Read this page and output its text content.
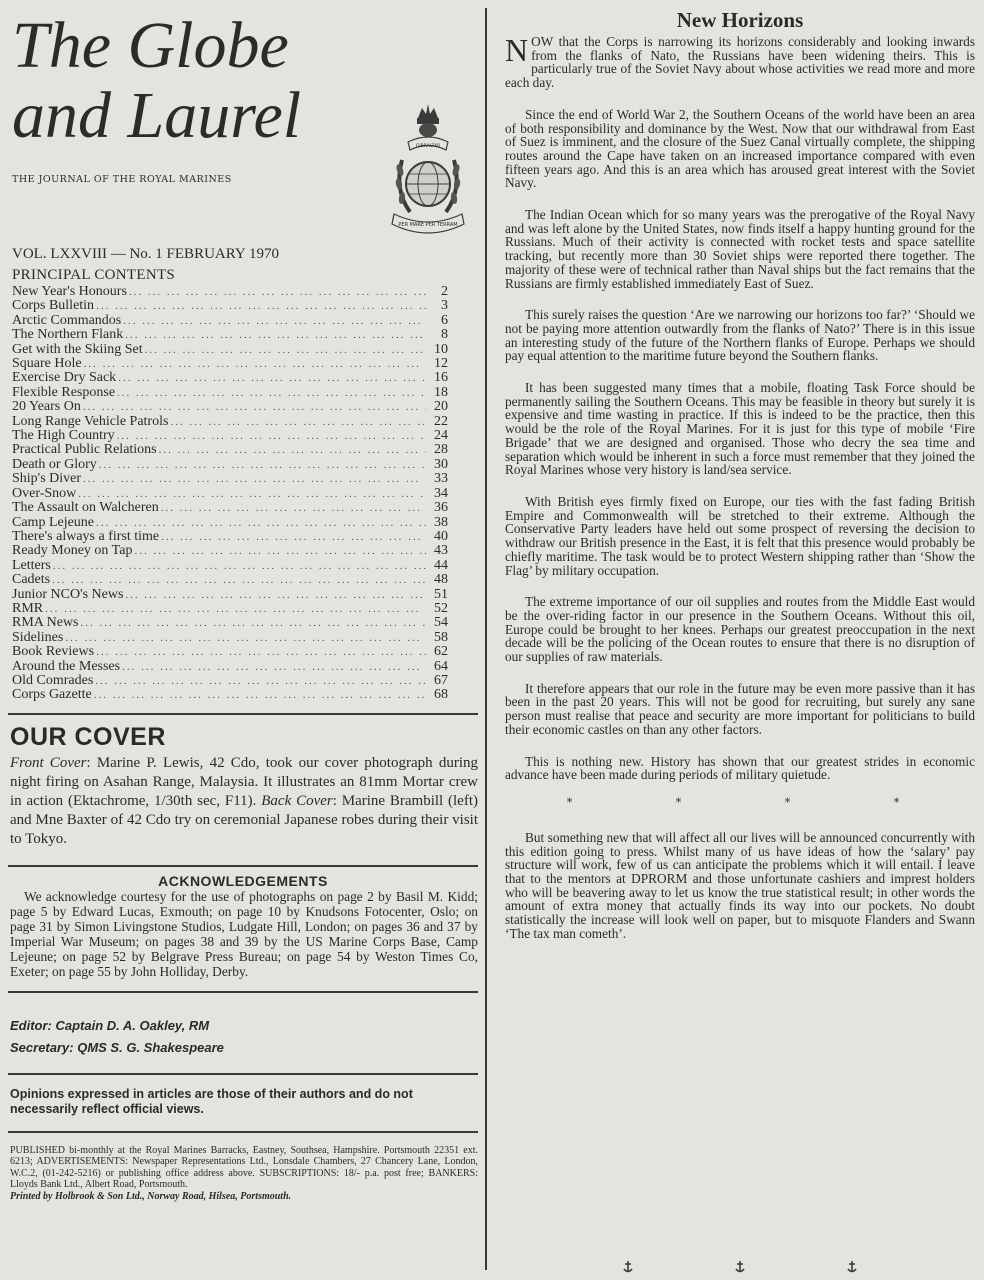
The Globe
and Laurel
THE JOURNAL OF THE ROYAL MARINES
GIBRALTAR
PER MARE PER TERRAM
VOL. LXXVIII — No. 1 FEBRUARY 1970
PRINCIPAL CONTENTS
New Year's Honours ... .	2
Corps Bulletin ... .	3
Arctic Commandos ... .	6
The Northern Flank ... .	8
Get with the Skiing Set ... .	10
Square Hole ... .	12
Exercise Dry Sack ... .	16
Flexible Response ... .	18
20 Years On ... .	20
Long Range Vehicle Patrols ... .	22
The High Country ... .	24
Practical Public Relations ... .	28
Death or Glory ... .	30
Ship's Diver ... .	33
Over-Snow ... .	34
The Assault on Walcheren ... .	36
Camp Lejeune ... .	38
There's always a first time ... .	40
Ready Money on Tap ... .	43
Letters ... .	44
Cadets ... .	48
Junior NCO's News ... .	51
RMR ... .	52
RMA News ... .	54
Sidelines ... .	58
Book Reviews ... .	62
Around the Messes ... .	64
Old Comrades ... .	67
Corps Gazette ... .	68
OUR COVER
Front Cover: Marine P. Lewis, 42 Cdo, took our cover photograph during night firing on Asahan Range, Malaysia. It illustrates an 81mm Mortar crew in action (Ektachrome, 1/30th sec, F11). Back Cover: Marine Brambill (left) and Mne Baxter of 42 Cdo try on ceremonial Japanese robes during their visit to Tokyo.
ACKNOWLEDGEMENTS
We acknowledge courtesy for the use of photographs on page 2 by Basil M. Kidd; page 5 by Edward Lucas, Exmouth; on page 10 by Knudsons Fotocenter, Oslo; on page 31 by Simon Livingstone Studios, Ludgate Hill, London; on pages 36 and 37 by Imperial War Museum; on pages 38 and 39 by the US Marine Corps Base, Camp Lejeune; on page 52 by Belgrave Press Bureau; on page 54 by Weston Times Co, Exeter; on page 55 by John Holliday, Derby.
Editor: Captain D. A. Oakley, RM
Secretary: QMS S. G. Shakespeare
Opinions expressed in articles are those of their authors and do not necessarily reflect official views.
PUBLISHED bi-monthly at the Royal Marines Barracks, Eastney, Southsea, Hampshire. Portsmouth 22351 ext. 6213; ADVERTISEMENTS: Newspaper Representations Ltd., Lonsdale Chambers, 27 Chancery Lane, London, W.C.2, (01-242-5216) or publishing office address above. SUBSCRIPTIONS: 18/- p.a. post free; BANKERS: Lloyds Bank Ltd., Albert Road, Portsmouth.
Printed by Holbrook & Son Ltd., Norway Road, Hilsea, Portsmouth.
New Horizons

NOW that the Corps is narrowing its horizons considerably and looking inwards from the flanks of Nato, the Russians have been widening theirs. This is particularly true of the Soviet Navy about whose activities we read more and more each day.

Since the end of World War 2, the Southern Oceans of the world have been an area of both responsibility and dominance by the West. Now that our withdrawal from East of Suez is imminent, and the closure of the Suez Canal virtually complete, the shipping routes around the Cape have taken on an increased importance compared with even fifteen years ago. And this is an area which has aroused great interest with the Soviet Navy.

The Indian Ocean which for so many years was the prerogative of the Royal Navy and was left alone by the United States, now finds itself a happy hunting ground for the Russians. Much of their activity is connected with rocket tests and space satellite tracking, but recently more than 30 Soviet ships were reported there together. The majority of these were of technical rather than Naval ships but the fact remains that the Russians are firmly established immediately East of Suez.

This surely raises the question ‘Are we narrowing our horizons too far?’ ‘Should we not be paying more attention outwardly from the flanks of Nato?’ There is in this issue an interesting study of the future of the Northern flanks of Europe. Perhaps we should pay equal attention to the maritime future beyond the Southern flanks.

It has been suggested many times that a mobile, floating Task Force should be permanently sailing the Southern Oceans. This may be feasible in theory but surely it is expensive and time wasting in practice. If this is indeed to be the practice, then this would be the role of the Royal Marines. For it is just for this type of mobile ‘Fire Brigade’ that we are designed and organised. Those who decry the sea time and separation which would be inherent in such a force must remember that they joined the Royal Marines whose very history is land/sea service.

With British eyes firmly fixed on Europe, our ties with the fast fading British Empire and Commonwealth will be stretched to their extreme. Although the Conservative Party leaders have held out some prospect of reversing the decision to withdraw our British presence in the East, it is felt that this presence would probably be chiefly maritime. The task would be to protect Western shipping rather than ‘Show the Flag’ by military occupation.

The extreme importance of our oil supplies and routes from the Middle East would be the over-riding factor in our presence in the Southern Oceans. Without this oil, Europe could be brought to her knees. Perhaps our greatest preoccupation in the next decade will be the policing of the Ocean routes to ensure that there is no disruption of our supplies of raw materials.

It therefore appears that our role in the future may be even more passive than it has been in the past 20 years. This will not be good for recruiting, but surely any sane person must realise that peace and security are more important for politicians to build their economic castles on than any other factors.

This is nothing new. History has shown that our greatest strides in economic advance have been made during periods of military quietude.

* * * *

But something new that will affect all our lives will be announced concurrently with this edition going to press. Whilst many of us have ideas of how the ‘salary’ pay structure will work, few of us can anticipate the problems which it will entail. I leave that to the mentors at DPRORM and those unfortunate cashiers and imprest holders who will be beavering away to let us know the true statistical result; in other words the amount of extra money that actually finds its way into our pockets. No doubt statistically the increase will look well on paper, but to misquote Flanders and Swann ‘The tax man cometh’.
